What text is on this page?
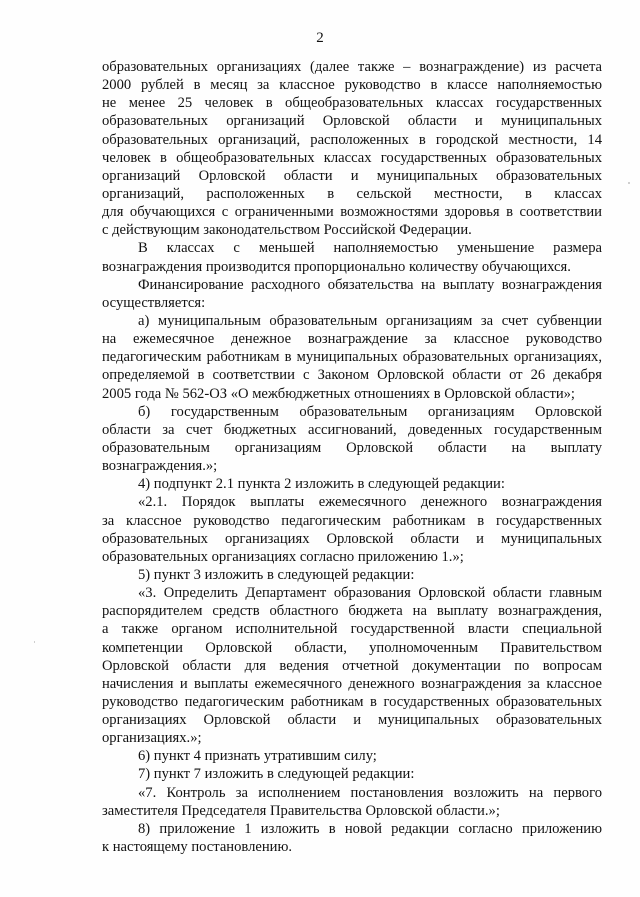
2
образовательных организациях (далее также – вознаграждение) из расчета
2000 рублей в месяц за классное руководство в классе наполняемостью
не менее 25 человек в общеобразовательных классах государственных
образовательных организаций Орловской области и муниципальных
образовательных организаций, расположенных в городской местности, 14
человек в общеобразовательных классах государственных образовательных
организаций Орловской области и муниципальных образовательных
организаций, расположенных в сельской местности, в классах
для обучающихся с ограниченными возможностями здоровья в соответствии
с действующим законодательством Российской Федерации.
В классах с меньшей наполняемостью уменьшение размера
вознаграждения производится пропорционально количеству обучающихся.
Финансирование расходного обязательства на выплату вознаграждения
осуществляется:
а) муниципальным образовательным организациям за счет субвенции
на ежемесячное денежное вознаграждение за классное руководство
педагогическим работникам в муниципальных образовательных организациях,
определяемой в соответствии с Законом Орловской области от 26 декабря
2005 года № 562-ОЗ «О межбюджетных отношениях в Орловской области»;
б) государственным образовательным организациям Орловской
области за счет бюджетных ассигнований, доведенных государственным
образовательным организациям Орловской области на выплату
вознаграждения.»;
4) подпункт 2.1 пункта 2 изложить в следующей редакции:
«2.1. Порядок выплаты ежемесячного денежного вознаграждения
за классное руководство педагогическим работникам в государственных
образовательных организациях Орловской области и муниципальных
образовательных организациях согласно приложению 1.»;
5) пункт 3 изложить в следующей редакции:
«3. Определить Департамент образования Орловской области главным
распорядителем средств областного бюджета на выплату вознаграждения,
а также органом исполнительной государственной власти специальной
компетенции Орловской области, уполномоченным Правительством
Орловской области для ведения отчетной документации по вопросам
начисления и выплаты ежемесячного денежного вознаграждения за классное
руководство педагогическим работникам в государственных образовательных
организациях Орловской области и муниципальных образовательных
организациях.»;
6) пункт 4 признать утратившим силу;
7) пункт 7 изложить в следующей редакции:
«7. Контроль за исполнением постановления возложить на первого
заместителя Председателя Правительства Орловской области.»;
8) приложение 1 изложить в новой редакции согласно приложению
к настоящему постановлению.
